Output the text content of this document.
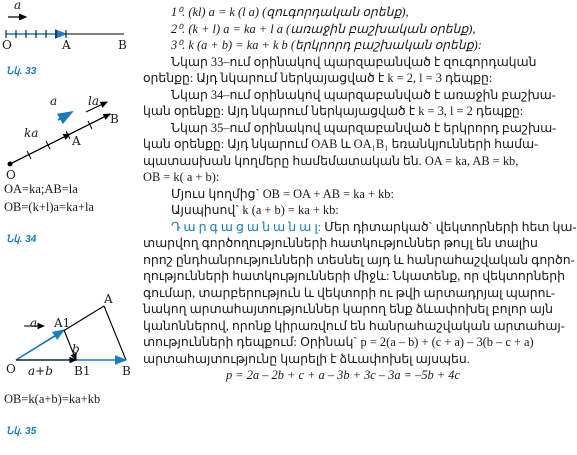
a
O	A	B
Նկ. 33
a	la
ka
A
B
O
OA=ka;AB=la
OB=(k+l)a=ka+la
Նկ. 34
a
b
A1
A
O a+b B1	B
OB=k(a+b)=ka+kb
Նկ. 35
1⁰. (kl) a = k (l a) (զուգորդական օրենք),
2⁰. (k + l) a = ka + l a (առաջին բաշխական օրենք),
3⁰. k (a + b) = ka + k b (երկրորդ բաշխական օրենք):
Նկար 33–ում օրինակով պարզաբանված է զուգորդական
օրենքը: Այդ նկարում ներկայացված է k = 2, l = 3 դեպքը:
Նկար 34–ում օրինակով պարզաբանված է առաջին բաշխա-
կան օրենքը: Այդ նկարում ներկայացված է k = 3, l = 2 դեպքը:
Նկար 35–ում օրինակով պարզաբանված է երկրորդ բաշխա-
կան օրենքը: Այդ նկարում OAB և OA₁B₁ եռանկյունների համա-
պատասխան կողմերը համեմատական են. OA = ka, AB = kb,
OB = k( a + b):
Մյուս կողմից` OB = OA + AB = ka + kb:
Այսպիսով` k (a + b) = ka + kb:
Դ ա ր գ ա ց ա ն ա ն ա լ: Մեր դիտարկած` վեկտորների հետ կա-
տարվող գործողությունների հատկություններ թույլ են տալիս
որոշ ընդհանրությունների տեսնել այդ և հանրահաշվական գործո-
ղությունների հատկությունների միջև: Նկատենք, որ վեկտորների
գումար, տարբերություն և վեկտորի ու թվի արտադրյալ պարու-
նակող արտահայտություններ կարող ենք ձևափոխել բոլոր այն
կանոններով, որոնք կիրառվում են հանրահաշվական արտահայ-
տությունների դեպքում: Օրինակ` p = 2(a – b) + (c + a) – 3(b – c + a)
արտահայտությունը կարելի է ձևափոխել այսպես.
p = 2a – 2b + c + a – 3b + 3c – 3a = –5b + 4c
